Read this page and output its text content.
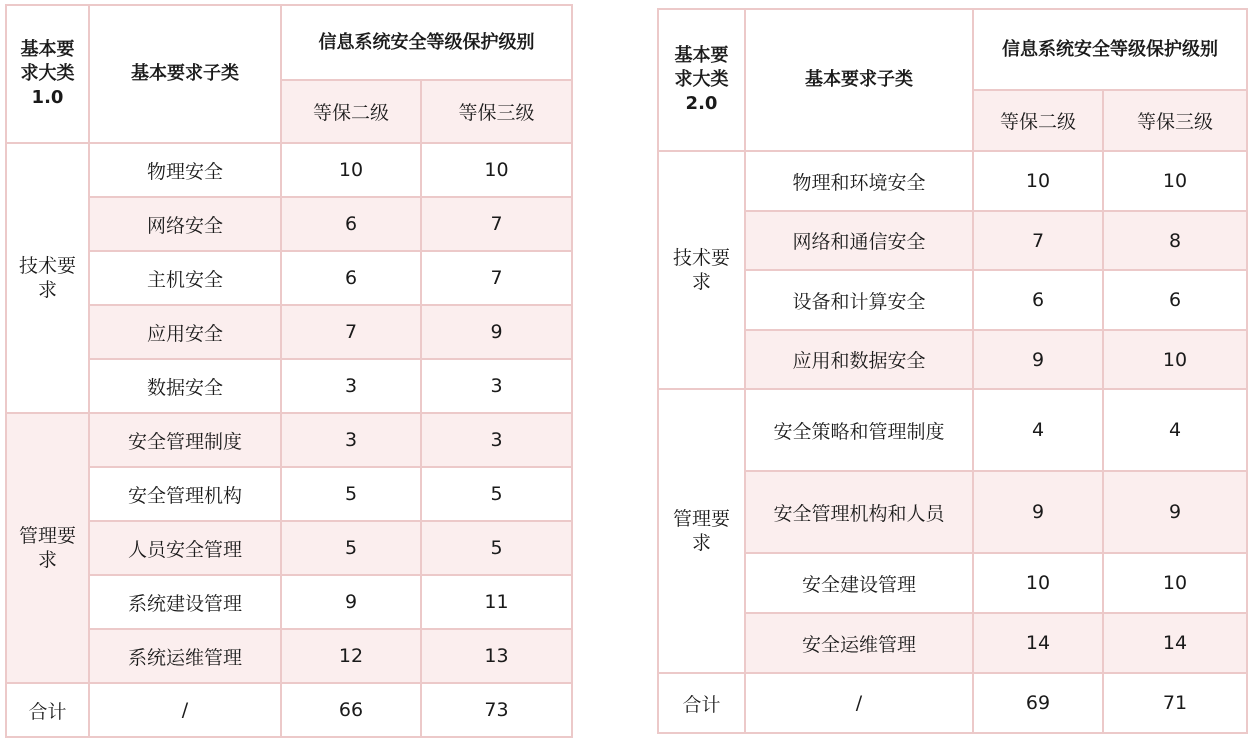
基本要求大类1.0	基本要求子类	信息系统安全等级保护级别	
		等保二级	等保三级

技术要求	物理安全	10	10
	网络安全	6	7
	主机安全	6	7
	应用安全	7	9
	数据安全	3	3

管理要求	安全管理制度	3	3
	安全管理机构	5	5
	人员安全管理	5	5
	系统建设管理	9	11
	系统运维管理	12	13
合计	/	66	73
基本要求大类2.0	基本要求子类	信息系统安全等级保护级别	
		等保二级	等保三级

技术要求	物理和环境安全	10	10
	网络和通信安全	7	8
	设备和计算安全	6	6
	应用和数据安全	9	10

管理要求	安全策略和管理制度	4	4
	安全管理机构和人员	9	9
	安全建设管理	10	10
	安全运维管理	14	14
合计	/	69	71
